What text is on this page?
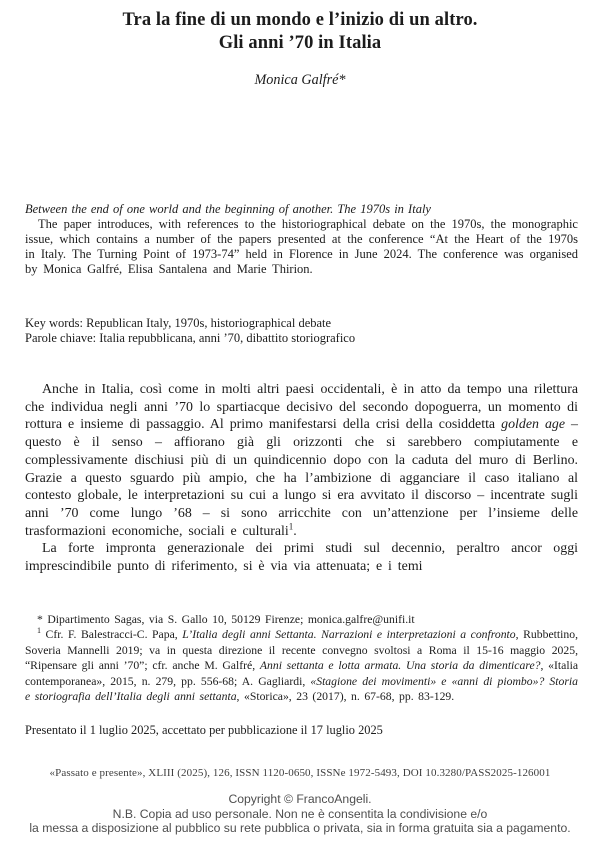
Tra la fine di un mondo e l’inizio di un altro.
Gli anni ’70 in Italia
Monica Galfré*
Between the end of one world and the beginning of another. The 1970s in Italy

The paper introduces, with references to the historiographical debate on the 1970s, the monographic issue, which contains a number of the papers presented at the conference “At the Heart of the 1970s in Italy. The Turning Point of 1973-74” held in Florence in June 2024. The conference was organised by Monica Galfré, Elisa Santalena and Marie Thirion.

Key words: Republican Italy, 1970s, historiographical debate
Parole chiave: Italia repubblicana, anni ’70, dibattito storiografico

Anche in Italia, così come in molti altri paesi occidentali, è in atto da tempo una rilettura che individua negli anni ’70 lo spartiacque decisivo del secondo dopoguerra, un momento di rottura e insieme di passaggio. Al primo manifestarsi della crisi della cosiddetta golden age – questo è il senso – affiorano già gli orizzonti che si sarebbero compiutamente e complessivamente dischiusi più di un quindicennio dopo con la caduta del muro di Berlino. Grazie a questo sguardo più ampio, che ha l’ambizione di agganciare il caso italiano al contesto globale, le interpretazioni su cui a lungo si era avvitato il discorso – incentrate sugli anni ’70 come lungo ’68 – si sono arricchite con un’attenzione per l’insieme delle trasformazioni economiche, sociali e culturali$^1$.

La forte impronta generazionale dei primi studi sul decennio, peraltro ancor oggi imprescindibile punto di riferimento, si è via via attenuata; e i temi

* Dipartimento Sagas, via S. Gallo 10, 50129 Firenze; monica.galfre@unifi.it

$^1$ Cfr. F. Balestracci-C. Papa, L’Italia degli anni Settanta. Narrazioni e interpretazioni a confronto, Rubbettino, Soveria Mannelli 2019; va in questa direzione il recente convegno svoltosi a Roma il 15-16 maggio 2025, “Ripensare gli anni ’70”; cfr. anche M. Galfré, Anni settanta e lotta armata. Una storia da dimenticare?, «Italia contemporanea», 2015, n. 279, pp. 556-68; A. Gagliardi, «Stagione dei movimenti» e «anni di piombo»? Storia e storiografia dell’Italia degli anni settanta, «Storica», 23 (2017), n. 67-68, pp. 83-129.

Presentato il 1 luglio 2025, accettato per pubblicazione il 17 luglio 2025

«Passato e presente», XLIII (2025), 126, ISSN 1120-0650, ISSNe 1972-5493, DOI 10.3280/PASS2025-126001
Copyright © FrancoAngeli.
N.B. Copia ad uso personale. Non ne è consentita la condivisione e/o
la messa a disposizione al pubblico su rete pubblica o privata, sia in forma gratuita sia a pagamento.
